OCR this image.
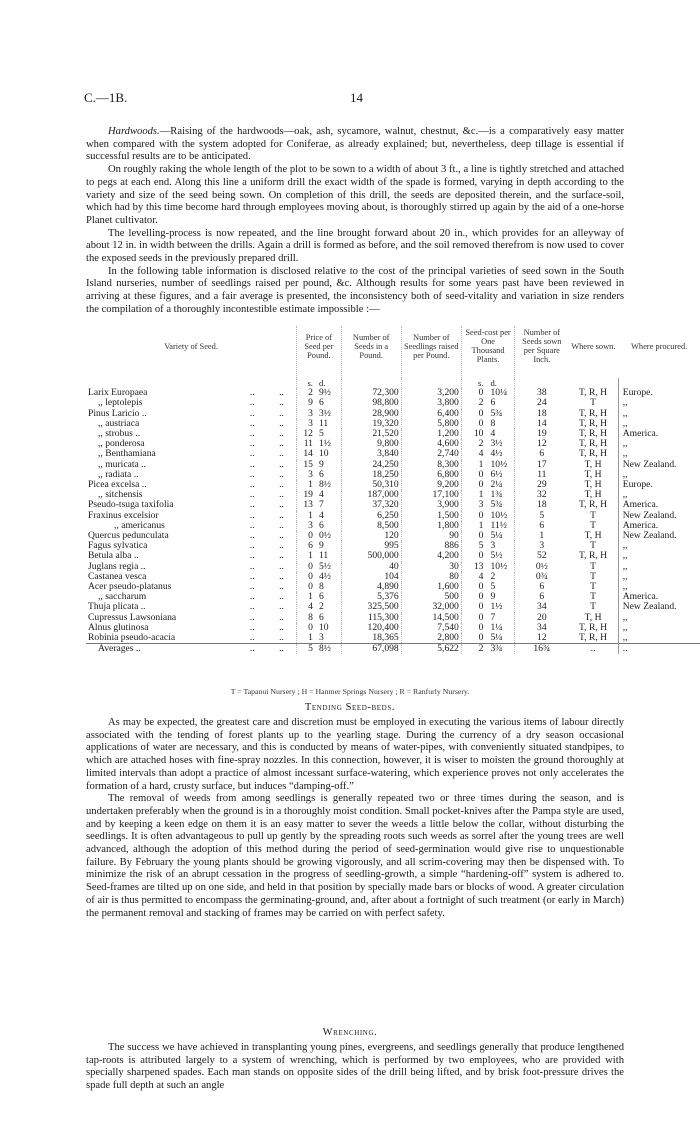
C.—1B.	14

Hardwoods.—Raising of the hardwoods—oak, ash, sycamore, walnut, chestnut, &c.—is a comparatively easy matter when compared with the system adopted for Coniferae, as already explained; but, nevertheless, deep tillage is essential if successful results are to be anticipated.

On roughly raking the whole length of the plot to be sown to a width of about 3 ft., a line is tightly stretched and attached to pegs at each end. Along this line a uniform drill the exact width of the spade is formed, varying in depth according to the variety and size of the seed being sown. On completion of this drill, the seeds are deposited therein, and the surface-soil, which had by this time become hard through employees moving about, is thoroughly stirred up again by the aid of a one-horse Planet cultivator.

The levelling-process is now repeated, and the line brought forward about 20 in., which provides for an alleyway of about 12 in. in width between the drills. Again a drill is formed as before, and the soil removed therefrom is now used to cover the exposed seeds in the previously prepared drill.

In the following table information is disclosed relative to the cost of the principal varieties of seed sown in the South Island nurseries, number of seedlings raised per pound, &c. Although results for some years past have been reviewed in arriving at these figures, and a fair average is presented, the inconsistency both of seed-vitality and variation in size renders the compilation of a thoroughly incontestible estimate impossible :—

Variety of Seed.			Price of Seed per Pound.		Number of Seeds in a Pound.	Number of Seedlings raised per Pound.	Seed-cost per One Thousand Plants.		Number of Seeds sown per Square Inch.	Where sown.	Where procured.
			s.	d.			s.	d.			
Larix Europaea	..	..	2	9½	72,300	3,200	0	10¼	38	T, R, H	Europe.
,, leptolepis	..	..	9	6	98,800	3,800	2	6	24	T	,,
Pinus Laricio ..	..	..	3	3½	28,900	6,400	0	5¾	18	T, R, H	,,
,, austriaca	..	..	3	11	19,320	5,800	0	8	14	T, R, H	,,
,, strobus ..	..	..	12	5	21,520	1,200	10	4	19	T, R, H	America.
,, ponderosa	..	..	11	1½	9,800	4,600	2	3½	12	T, R, H	,,
,, Benthamiana	..	..	14	10	3,840	2,740	4	4½	6	T, R, H	,,
,, muricata ..	..	..	15	9	24,250	8,300	1	10½	17	T, H	New Zealand.
,, radiata ..	..	..	3	6	18,250	6,800	0	6½	11	T, H	,,
Picea excelsa ..	..	..	1	8½	50,310	9,200	0	2¼	29	T, H	Europe.
,, sitchensis	..	..	19	4	187,000	17,100	1	1¾	32	T, H	,,
Pseudo-tsuga taxifolia	..	..	13	7	37,320	3,900	3	5¾	18	T, R, H	America.
Fraxinus excelsior	..	..	1	4	6,250	1,500	0	10½	5	T	New Zealand.
,, americanus	..	..	3	6	8,500	1,800	1	11½	6	T	America.
Quercus pedunculata	..	..	0	0½	120	90	0	5¼	1	T, H	New Zealand.
Fagus sylvatica	..	..	6	9	995	886	5	3	3	T	,,
Betula alba ..	..	..	1	11	500,000	4,200	0	5½	52	T, R, H	,,
Juglans regia ..	..	..	0	5½	40	30	13	10½	0½	T	,,
Castanea vesca	..	..	0	4½	104	80	4	2	0¾	T	,,
Acer pseudo-platanus	..	..	0	8	4,890	1,600	0	5	6	T	,,
,, saccharum	..	..	1	6	5,376	500	0	9	6	T	America.
Thuja plicata ..	..	..	4	2	325,500	32,000	0	1½	34	T	New Zealand.
Cupressus Lawsoniana	..	..	8	6	115,300	14,500	0	7	20	T, H	,,
Alnus glutinosa	..	..	0	10	120,400	7,540	0	1¼	34	T, R, H	,,
Robinia pseudo-acacia	..	..	1	3	18,365	2,800	0	5¼	12	T, R, H	,,
Averages ..	..	..	5	8½	67,098	5,622	2	3¾	16¾	..	..
T = Tapanui Nursery ; H = Hanmer Springs Nursery ; R = Ranfurly Nursery.
Tending Seed-beds.

As may be expected, the greatest care and discretion must be employed in executing the various items of labour directly associated with the tending of forest plants up to the yearling stage. During the currency of a dry season occasional applications of water are necessary, and this is conducted by means of water-pipes, with conveniently situated standpipes, to which are attached hoses with fine-spray nozzles. In this connection, however, it is wiser to moisten the ground thoroughly at limited intervals than adopt a practice of almost incessant surface-watering, which experience proves not only accelerates the formation of a hard, crusty surface, but induces “damping-off.”

The removal of weeds from among seedlings is generally repeated two or three times during the season, and is undertaken preferably when the ground is in a thoroughly moist condition. Small pocket-knives after the Pampa style are used, and by keeping a keen edge on them it is an easy matter to sever the weeds a little below the collar, without disturbing the seedlings. It is often advantageous to pull up gently by the spreading roots such weeds as sorrel after the young trees are well advanced, although the adoption of this method during the period of seed-germination would give rise to unquestionable failure. By February the young plants should be growing vigorously, and all scrim-covering may then be dispensed with. To minimize the risk of an abrupt cessation in the progress of seedling-growth, a simple “hardening-off” system is adhered to. Seed-frames are tilted up on one side, and held in that position by specially made bars or blocks of wood. A greater circulation of air is thus permitted to encompass the germinating-ground, and, after about a fortnight of such treatment (or early in March) the permanent removal and stacking of frames may be carried on with perfect safety.

Wrenching.

The success we have achieved in transplanting young pines, evergreens, and seedlings generally that produce lengthened tap-roots is attributed largely to a system of wrenching, which is performed by two employees, who are provided with specially sharpened spades. Each man stands on opposite sides of the drill being lifted, and by brisk foot-pressure drives the spade full depth at such an angle
